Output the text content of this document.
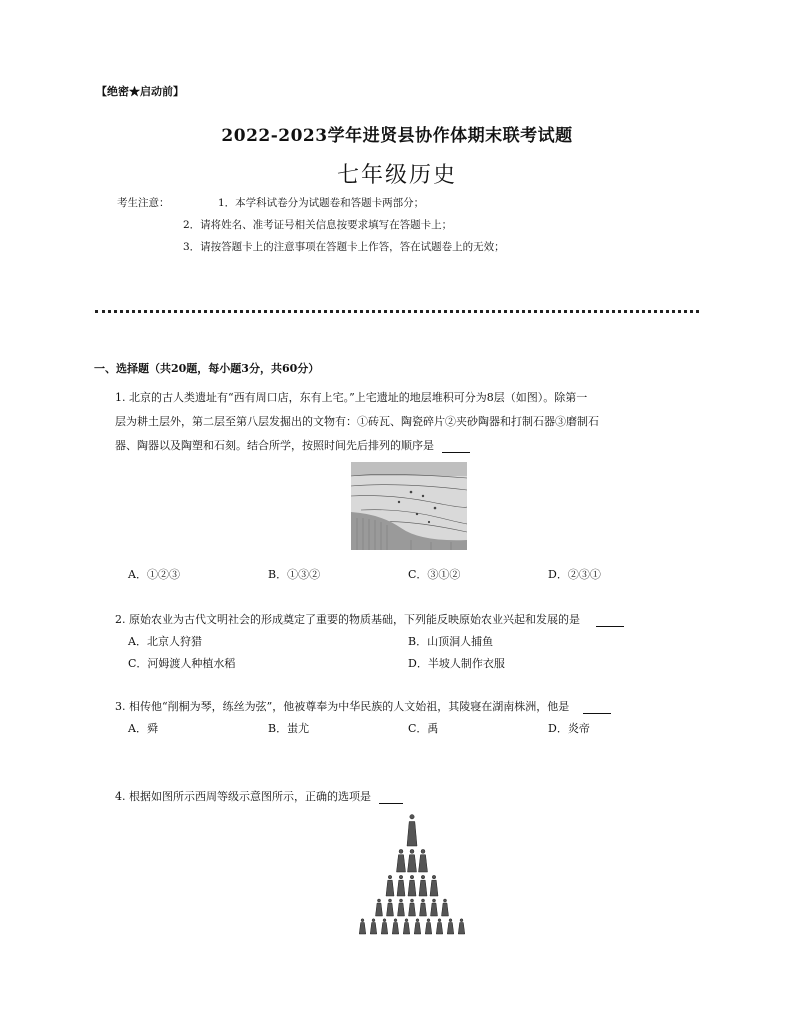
【绝密★启动前】
2022-2023学年进贤县协作体期末联考试题
七年级历史
考生注意：	1．本学科试卷分为试题卷和答题卡两部分；
2．请将姓名、准考证号相关信息按要求填写在答题卡上；
3．请按答题卡上的注意事项在答题卡上作答，答在试题卷上的无效；
一、选择题（共20题，每小题3分，共60分）
1. 北京的古人类遗址有“西有周口店，东有上宅。”上宅遗址的地层堆积可分为8层（如图）。除第一
层为耕土层外，第二层至第八层发掘出的文物有：①砖瓦、陶瓷碎片②夹砂陶器和打制石器③磨制石
器、陶器以及陶塑和石刻。结合所学，按照时间先后排列的顺序是
A．①②③	B．①③②	C．③①②	D．②③①
2. 原始农业为古代文明社会的形成奠定了重要的物质基础，下列能反映原始农业兴起和发展的是
A．北京人狩猎	B．山顶洞人捕鱼
C．河姆渡人种植水稻	D．半坡人制作衣服
3. 相传他“削桐为琴，练丝为弦”，他被尊奉为中华民族的人文始祖，其陵寝在湖南株洲，他是
A．舜	B．蚩尤	C．禹	D．炎帝
4. 根据如图所示西周等级示意图所示，正确的选项是
